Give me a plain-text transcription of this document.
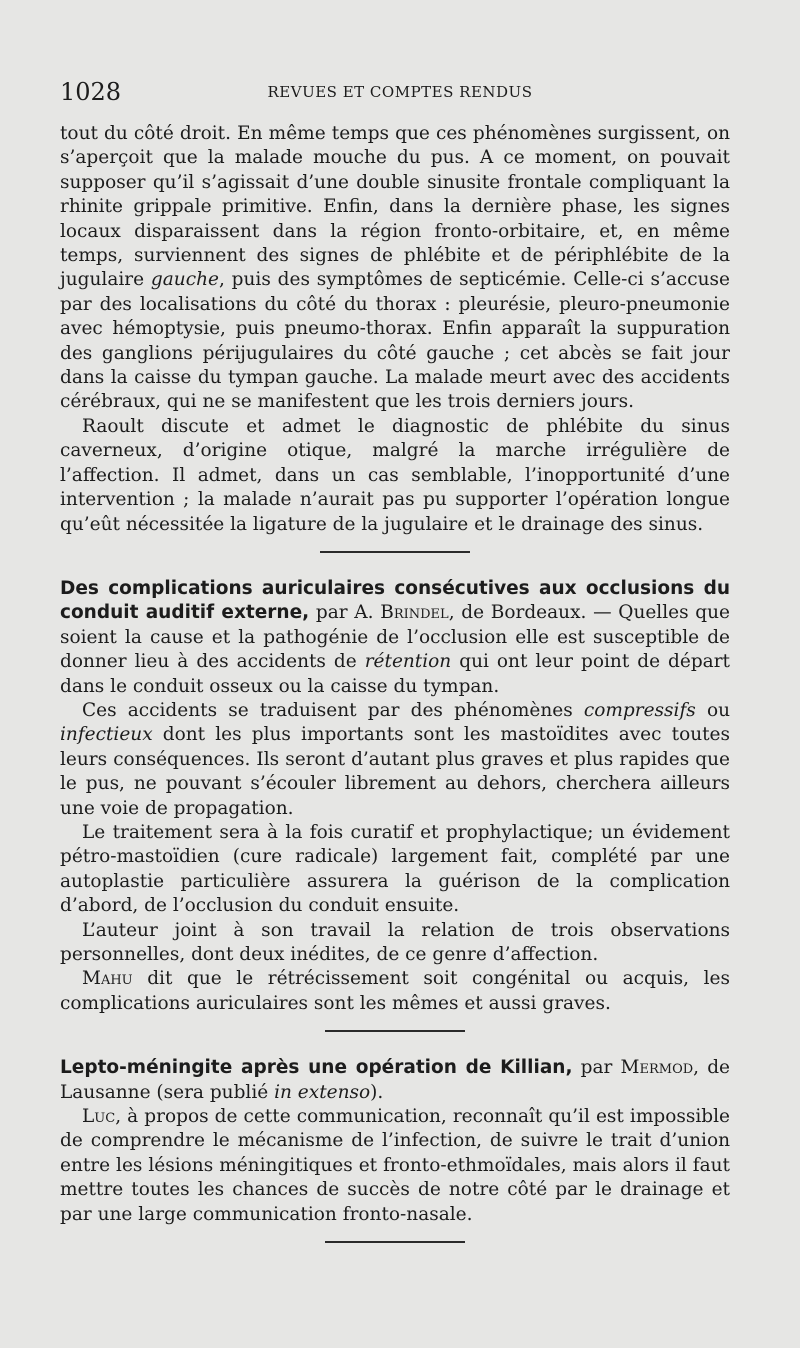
1028	REVUES ET COMPTES RENDUS

tout du côté droit. En même temps que ces phénomènes surgissent, on s’aperçoit que la malade mouche du pus. A ce moment, on pouvait supposer qu’il s’agissait d’une double sinusite frontale compliquant la rhinite grippale primitive. Enfin, dans la dernière phase, les signes locaux disparaissent dans la région fronto-orbitaire, et, en même temps, surviennent des signes de phlébite et de périphlébite de la jugulaire gauche, puis des symptômes de septicémie. Celle-ci s’accuse par des localisations du côté du thorax : pleurésie, pleuro-pneumonie avec hémoptysie, puis pneumo-thorax. Enfin apparaît la suppuration des ganglions périjugulaires du côté gauche ; cet abcès se fait jour dans la caisse du tympan gauche. La malade meurt avec des accidents cérébraux, qui ne se manifestent que les trois derniers jours.

Raoult discute et admet le diagnostic de phlébite du sinus caverneux, d’origine otique, malgré la marche irrégulière de l’affection. Il admet, dans un cas semblable, l’inopportunité d’une intervention ; la malade n’aurait pas pu supporter l’opération longue qu’eût nécessitée la ligature de la jugulaire et le drainage des sinus.

Des complications auriculaires consécutives aux occlusions du conduit auditif externe, par A. Brindel, de Bordeaux. — Quelles que soient la cause et la pathogénie de l’occlusion elle est susceptible de donner lieu à des accidents de rétention qui ont leur point de départ dans le conduit osseux ou la caisse du tympan.

Ces accidents se traduisent par des phénomènes compressifs ou infectieux dont les plus importants sont les mastoïdites avec toutes leurs conséquences. Ils seront d’autant plus graves et plus rapides que le pus, ne pouvant s’écouler librement au dehors, cherchera ailleurs une voie de propagation.

Le traitement sera à la fois curatif et prophylactique; un évidement pétro-mastoïdien (cure radicale) largement fait, complété par une autoplastie particulière assurera la guérison de la complication d’abord, de l’occlusion du conduit ensuite.

L’auteur joint à son travail la relation de trois observations personnelles, dont deux inédites, de ce genre d’affection.

Mahu dit que le rétrécissement soit congénital ou acquis, les complications auriculaires sont les mêmes et aussi graves.

Lepto-méningite après une opération de Killian, par Mermod, de Lausanne (sera publié in extenso).

Luc, à propos de cette communication, reconnaît qu’il est impossible de comprendre le mécanisme de l’infection, de suivre le trait d’union entre les lésions méningitiques et fronto-ethmoïdales, mais alors il faut mettre toutes les chances de succès de notre côté par le drainage et par une large communication fronto-nasale.
